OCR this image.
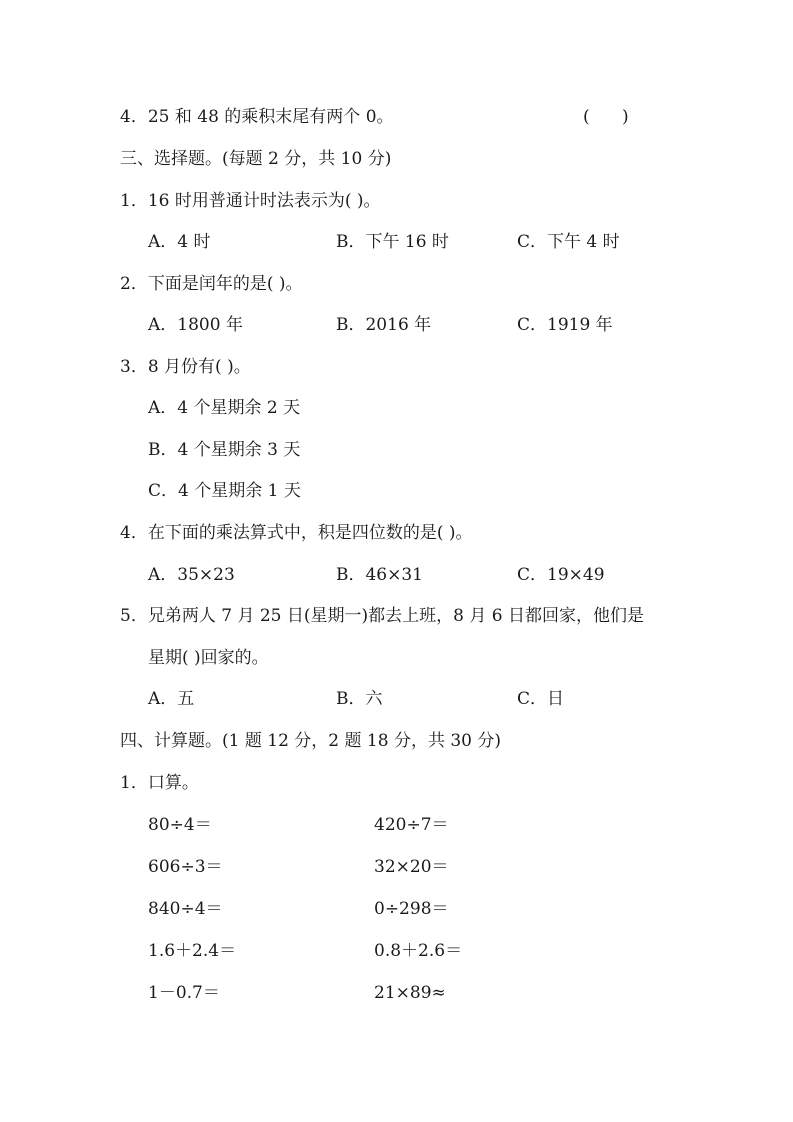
4．25 和 48 的乘积末尾有两个 0。	(      )
三、选择题。(每题 2 分，共 10 分)
1．16 时用普通计时法表示为( )。
A．4 时	B．下午 16 时	C．下午 4 时
2．下面是闰年的是( )。
A．1800 年	B．2016 年	C．1919 年
3．8 月份有( )。
A．4 个星期余 2 天
B．4 个星期余 3 天
C．4 个星期余 1 天
4．在下面的乘法算式中，积是四位数的是( )。
A．35×23	B．46×31	C．19×49
5．兄弟两人 7 月 25 日(星期一)都去上班，8 月 6 日都回家，他们是
星期( )回家的。
A．五	B．六	C．日
四、计算题。(1 题 12 分，2 题 18 分，共 30 分)
1．口算。
80÷4＝	420÷7＝
606÷3＝	32×20＝
840÷4＝	0÷298＝
1.6＋2.4＝	0.8＋2.6＝
1－0.7＝	21×89≈
